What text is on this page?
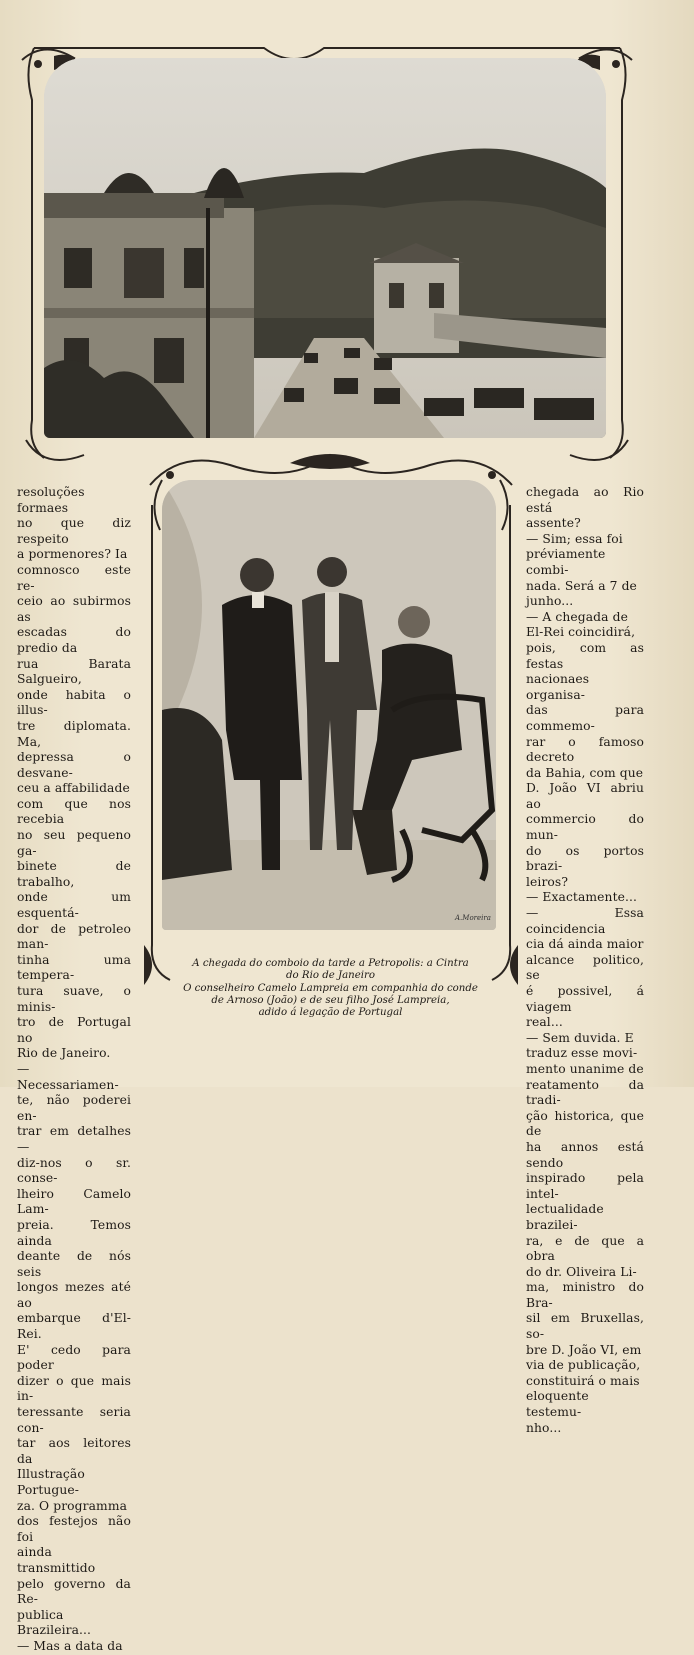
A.Moreira

resoluções formaes

no que diz respeito

a pormenores? Ia

comnosco este re-

ceio ao subirmos as

escadas do predio da

rua Barata Salgueiro,

onde habita o illus-

tre diplomata. Ma,

depressa o desvane-

ceu a affabilidade

com que nos recebia

no seu pequeno ga-

binete de trabalho,

onde um esquentá-

dor de petroleo man-

tinha uma tempera-

tura suave, o minis-

tro de Portugal no

Rio de Janeiro.

— Necessariamen-

te, não poderei en-

trar em detalhes—

diz-nos o sr. conse-

lheiro Camelo Lam-

preia. Temos ainda

deante de nós seis

longos mezes até ao

embarque d'El-Rei.

E' cedo para poder

dizer o que mais in-

teressante seria con-

tar aos leitores da

Illustração Portugue-

za. O programma

dos festejos não foi

ainda transmittido

pelo governo da Re-

publica Brazileira...

— Mas a data da

chegada ao Rio está

assente?

— Sim; essa foi

préviamente combi-

nada. Será a 7 de

junho...

— A chegada de

El-Rei coincidirá,

pois, com as festas

nacionaes organisa-

das para commemo-

rar o famoso decreto

da Bahia, com que

D. João VI abriu ao

commercio do mun-

do os portos brazi-

leiros?

— Exactamente...

— Essa coincidencia

cia dá ainda maior

alcance politico, se

é possivel, á viagem

real...

— Sem duvida. E

traduz esse movi-

mento unanime de

reatamento da tradi-

ção historica, que de

ha annos está sendo

inspirado pela intel-

lectualidade brazilei-

ra, e de que a obra

do dr. Oliveira Li-

ma, ministro do Bra-

sil em Bruxellas, so-

bre D. João VI, em

via de publicação,

constituirá o mais

eloquente testemu-

nho...

A chegada do comboio da tarde a Petropolis: a Cintra
do Rio de Janeiro
O conselheiro Camelo Lampreia em companhia do conde
de Arnoso (João) e de seu filho José Lampreia,
adido á legação de Portugal
